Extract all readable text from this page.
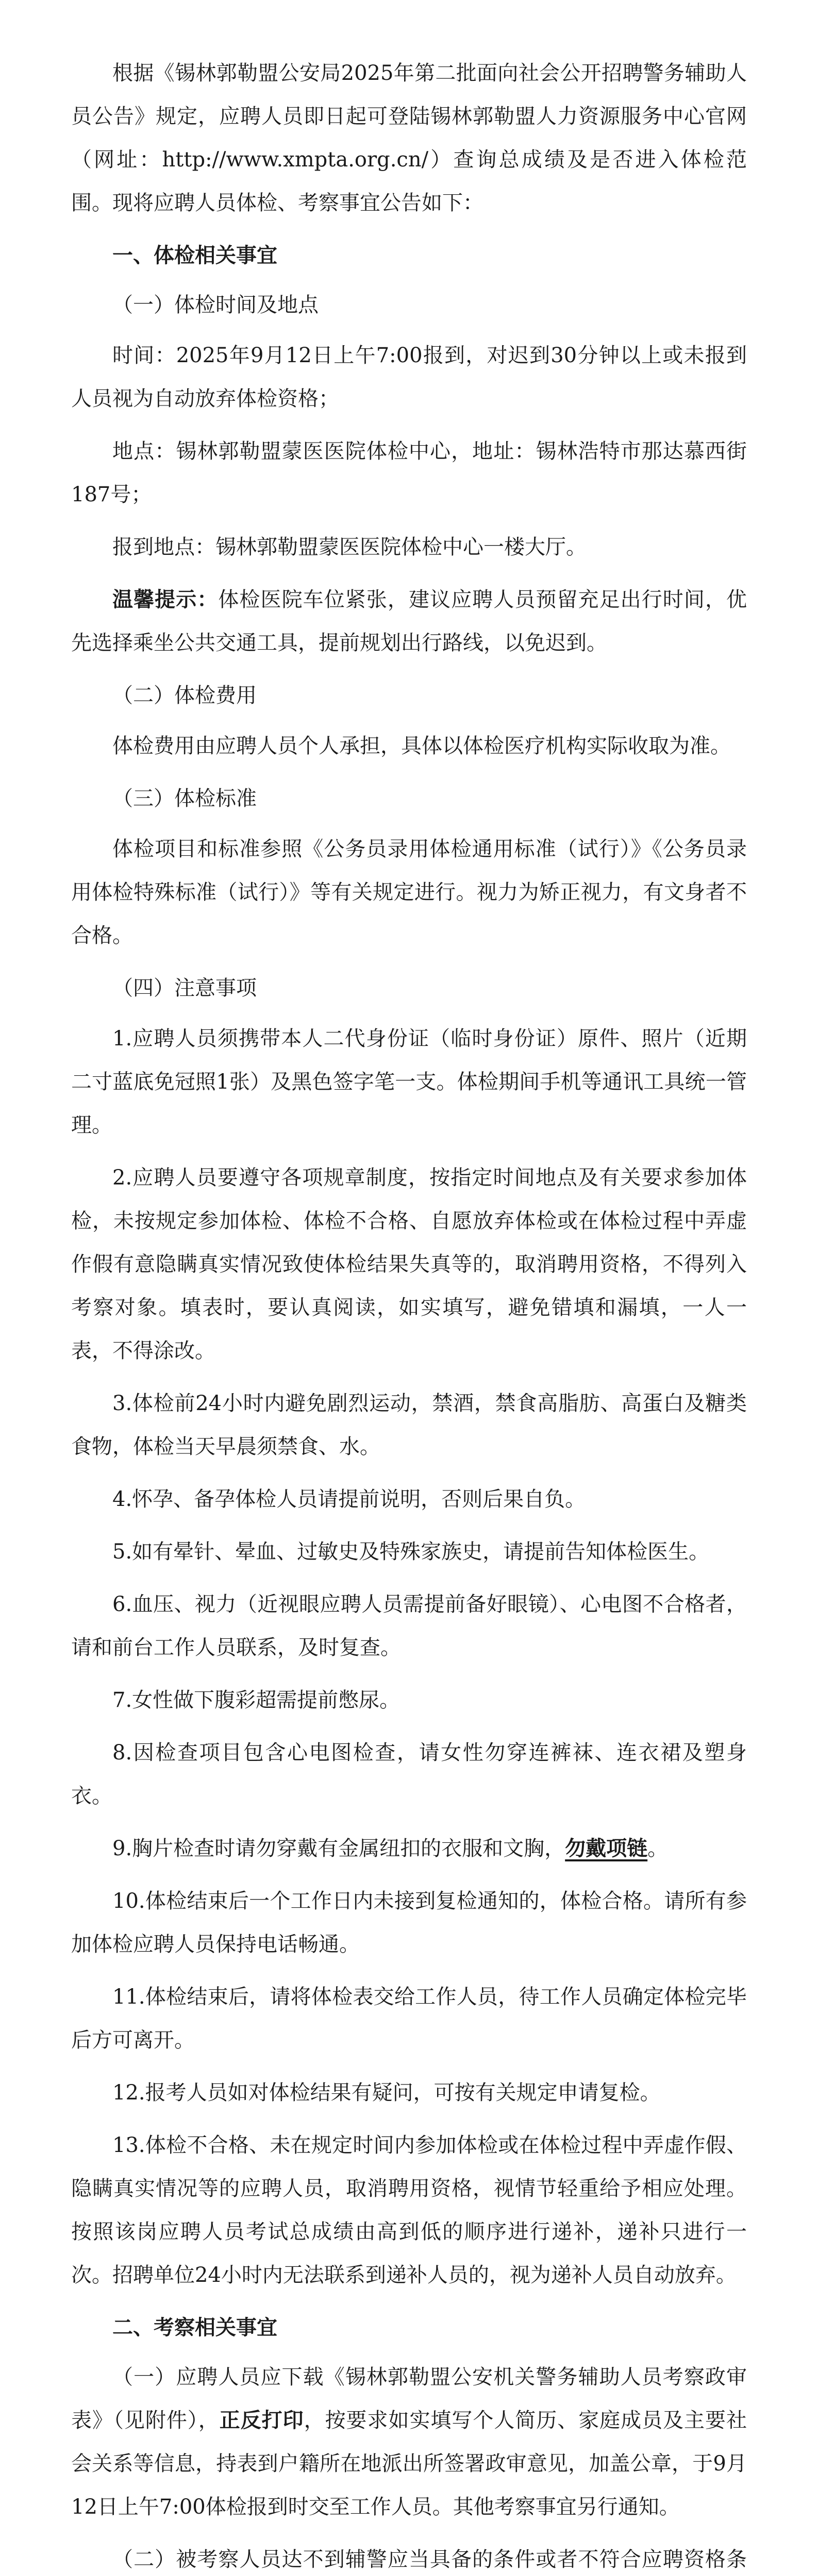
根据《锡林郭勒盟公安局2025年第二批面向社会公开招聘警务辅助人员公告》规定，应聘人员即日起可登陆锡林郭勒盟人力资源服务中心官网（网址：http://www.xmpta.org.cn/）查询总成绩及是否进入体检范围。现将应聘人员体检、考察事宜公告如下：

一、体检相关事宜

（一）体检时间及地点

时间：2025年9月12日上午7:00报到，对迟到30分钟以上或未报到人员视为自动放弃体检资格；

地点：锡林郭勒盟蒙医医院体检中心，地址：锡林浩特市那达慕西街187号；

报到地点：锡林郭勒盟蒙医医院体检中心一楼大厅。

温馨提示：体检医院车位紧张，建议应聘人员预留充足出行时间，优先选择乘坐公共交通工具，提前规划出行路线，以免迟到。

（二）体检费用

体检费用由应聘人员个人承担，具体以体检医疗机构实际收取为准。

（三）体检标准

体检项目和标准参照《公务员录用体检通用标准（试行）》《公务员录用体检特殊标准（试行）》等有关规定进行。视力为矫正视力，有文身者不合格。

（四）注意事项

1.应聘人员须携带本人二代身份证（临时身份证）原件、照片（近期二寸蓝底免冠照1张）及黑色签字笔一支。体检期间手机等通讯工具统一管理。

2.应聘人员要遵守各项规章制度，按指定时间地点及有关要求参加体检，未按规定参加体检、体检不合格、自愿放弃体检或在体检过程中弄虚作假有意隐瞒真实情况致使体检结果失真等的，取消聘用资格，不得列入考察对象。填表时，要认真阅读，如实填写，避免错填和漏填，一人一表，不得涂改。

3.体检前24小时内避免剧烈运动，禁酒，禁食高脂肪、高蛋白及糖类食物，体检当天早晨须禁食、水。

4.怀孕、备孕体检人员请提前说明，否则后果自负。

5.如有晕针、晕血、过敏史及特殊家族史，请提前告知体检医生。

6.血压、视力（近视眼应聘人员需提前备好眼镜）、心电图不合格者，请和前台工作人员联系，及时复查。

7.女性做下腹彩超需提前憋尿。

8.因检查项目包含心电图检查，请女性勿穿连裤袜、连衣裙及塑身衣。

9.胸片检查时请勿穿戴有金属纽扣的衣服和文胸，勿戴项链。

10.体检结束后一个工作日内未接到复检通知的，体检合格。请所有参加体检应聘人员保持电话畅通。

11.体检结束后，请将体检表交给工作人员，待工作人员确定体检完毕后方可离开。

12.报考人员如对体检结果有疑问，可按有关规定申请复检。

13.体检不合格、未在规定时间内参加体检或在体检过程中弄虚作假、隐瞒真实情况等的应聘人员，取消聘用资格，视情节轻重给予相应处理。按照该岗应聘人员考试总成绩由高到低的顺序进行递补，递补只进行一次。招聘单位24小时内无法联系到递补人员的，视为递补人员自动放弃。

二、考察相关事宜

（一）应聘人员应下载《锡林郭勒盟公安机关警务辅助人员考察政审表》（见附件），正反打印，按要求如实填写个人简历、家庭成员及主要社会关系等信息，持表到户籍所在地派出所签署政审意见，加盖公章，于9月12日上午7:00体检报到时交至工作人员。其他考察事宜另行通知。

（二）被考察人员达不到辅警应当具备的条件或者不符合应聘资格条
